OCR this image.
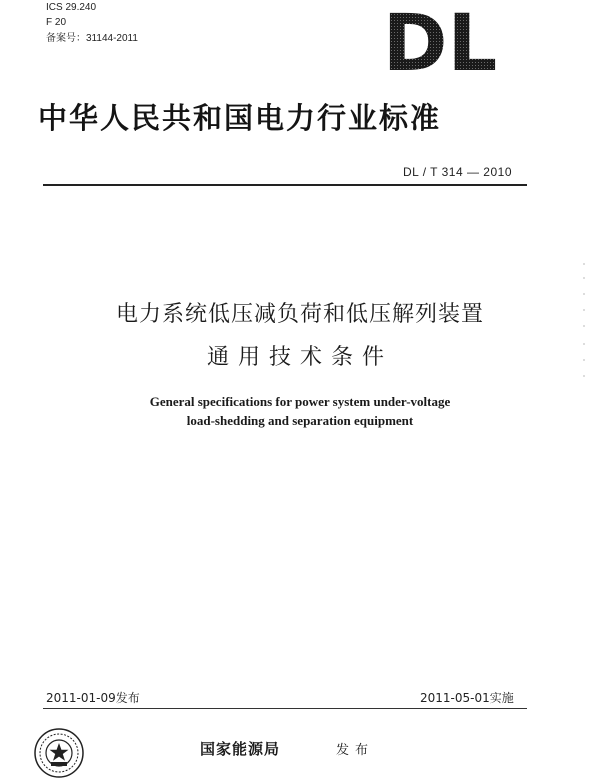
ICS 29.240
F 20
备案号：31144-2011	DL
中华人民共和国电力行业标准
DL / T 314 — 2010
电力系统低压减负荷和低压解列装置
通用技术条件
General specifications for power system under-voltage
load-shedding and separation equipment
2011-01-09发布	2011-05-01实施
国家能源局	发布
